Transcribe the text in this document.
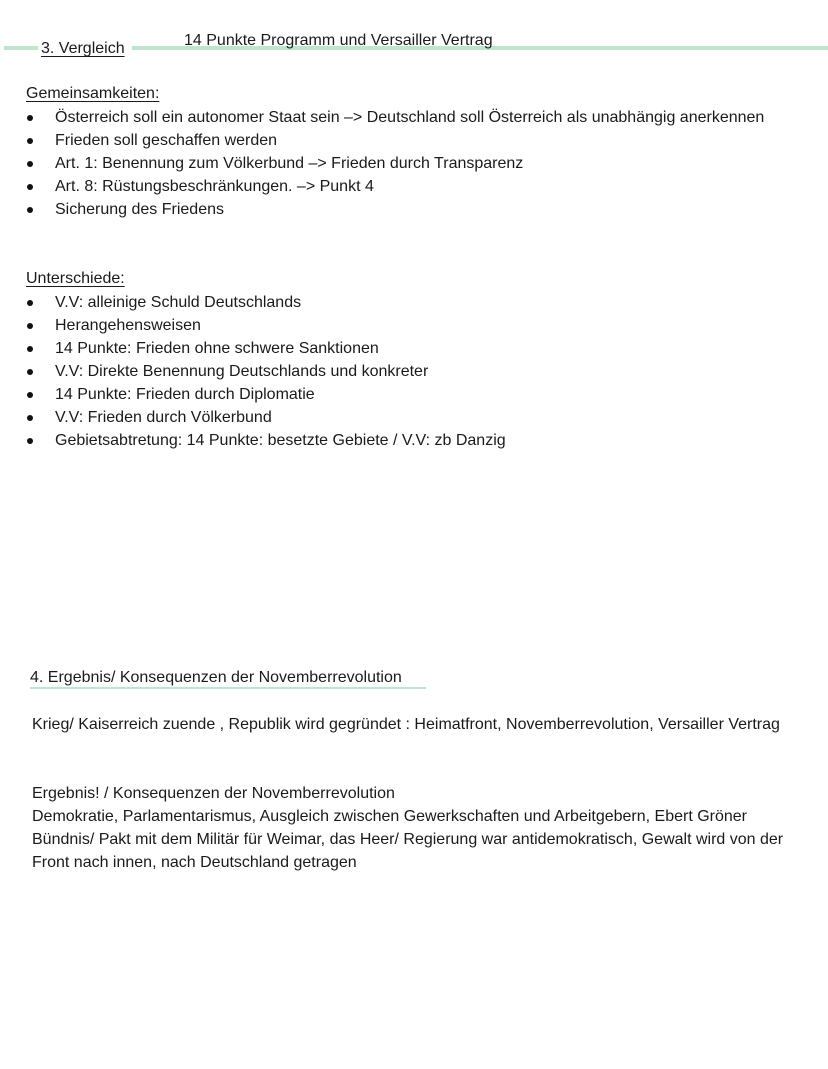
3. Vergleich	14 Punkte Programm und Versailler Vertrag
Gemeinsamkeiten:
Österreich soll ein autonomer Staat sein –> Deutschland soll Österreich als unabhängig anerkennen
Frieden soll geschaffen werden
Art. 1: Benennung zum Völkerbund –> Frieden durch Transparenz
Art. 8: Rüstungsbeschränkungen. –> Punkt 4
Sicherung des Friedens
Unterschiede:
V.V: alleinige Schuld Deutschlands
Herangehensweisen
14 Punkte: Frieden ohne schwere Sanktionen
V.V: Direkte Benennung Deutschlands und konkreter
14 Punkte: Frieden durch Diplomatie
V.V: Frieden durch Völkerbund
Gebietsabtretung: 14 Punkte: besetzte Gebiete / V.V: zb Danzig
4. Ergebnis/ Konsequenzen der Novemberrevolution
Krieg/ Kaiserreich zuende , Republik wird gegründet : Heimatfront, Novemberrevolution, Versailler Vertrag
Ergebnis! / Konsequenzen der Novemberrevolution
Demokratie, Parlamentarismus, Ausgleich zwischen Gewerkschaften und Arbeitgebern, Ebert Gröner Bündnis/ Pakt mit dem Militär für Weimar, das Heer/ Regierung war antidemokratisch, Gewalt wird von der Front nach innen, nach Deutschland getragen
